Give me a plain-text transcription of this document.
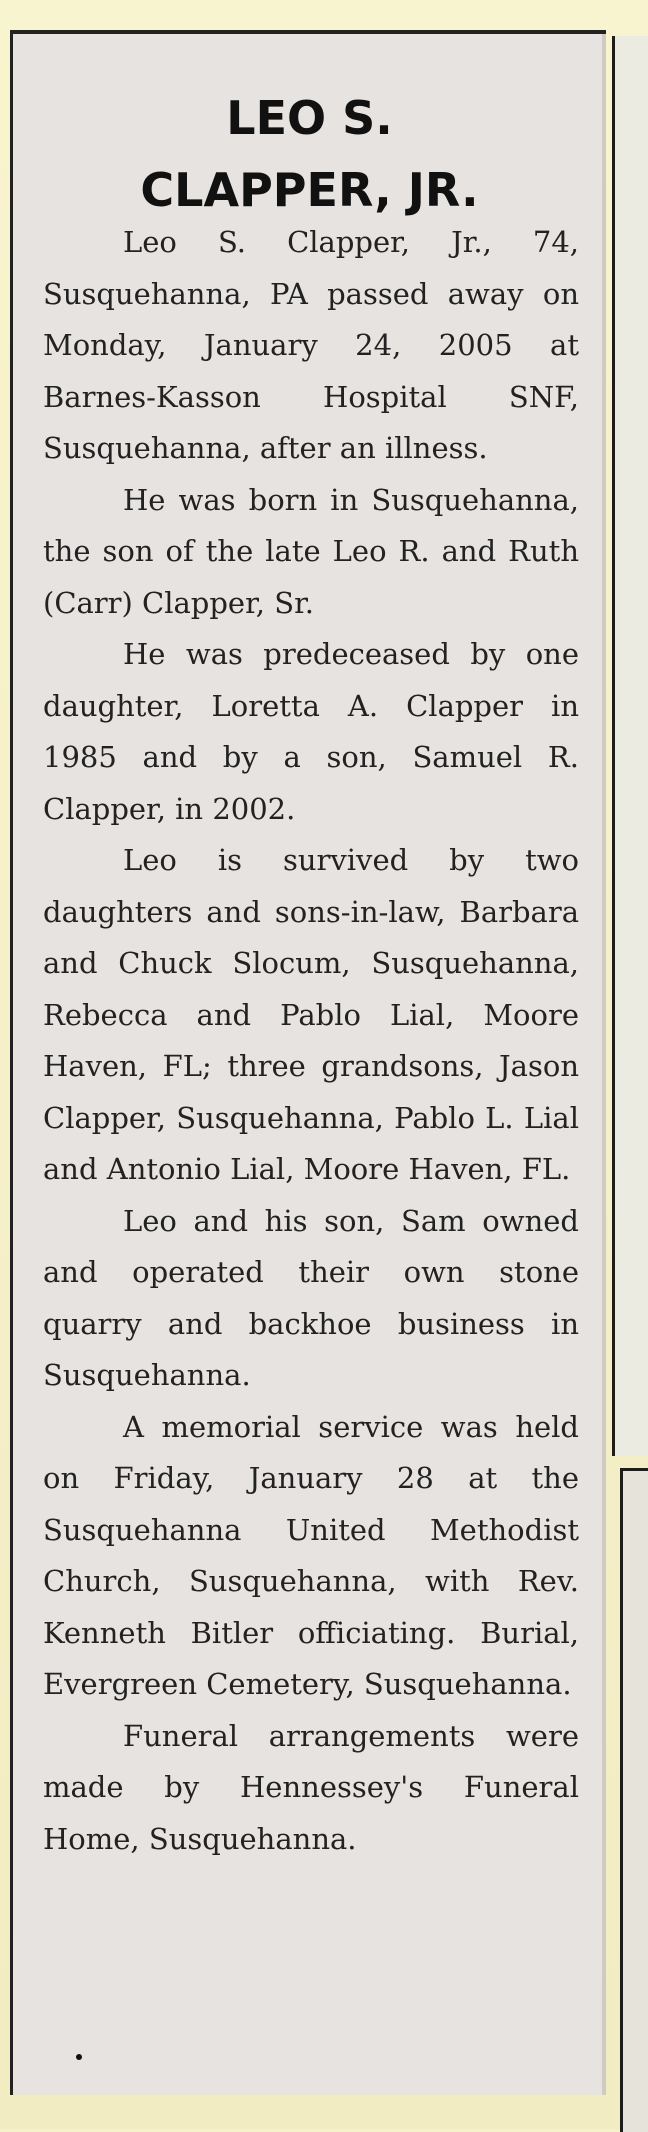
LEO S.
CLAPPER, JR.

Leo S. Clapper, Jr., 74, Susquehanna, PA passed away on Monday, January 24, 2005 at Barnes-Kasson Hospital SNF, Susquehanna, after an illness.

He was born in Susquehanna, the son of the late Leo R. and Ruth (Carr) Clapper, Sr.

He was predeceased by one daughter, Loretta A. Clapper in 1985 and by a son, Samuel R. Clapper, in 2002.

Leo is survived by two daughters and sons-in-law, Barbara and Chuck Slocum, Susquehanna, Rebecca and Pablo Lial, Moore Haven, FL; three grandsons, Jason Clapper, Susquehanna, Pablo L. Lial and Antonio Lial, Moore Haven, FL.

Leo and his son, Sam owned and operated their own stone quarry and backhoe business in Susquehanna.

A memorial service was held on Friday, January 28 at the Susquehanna United Methodist Church, Susquehanna, with Rev. Kenneth Bitler officiating. Burial, Evergreen Cemetery, Susquehanna.

Funeral arrangements were made by Hennessey's Funeral Home, Susquehanna.
